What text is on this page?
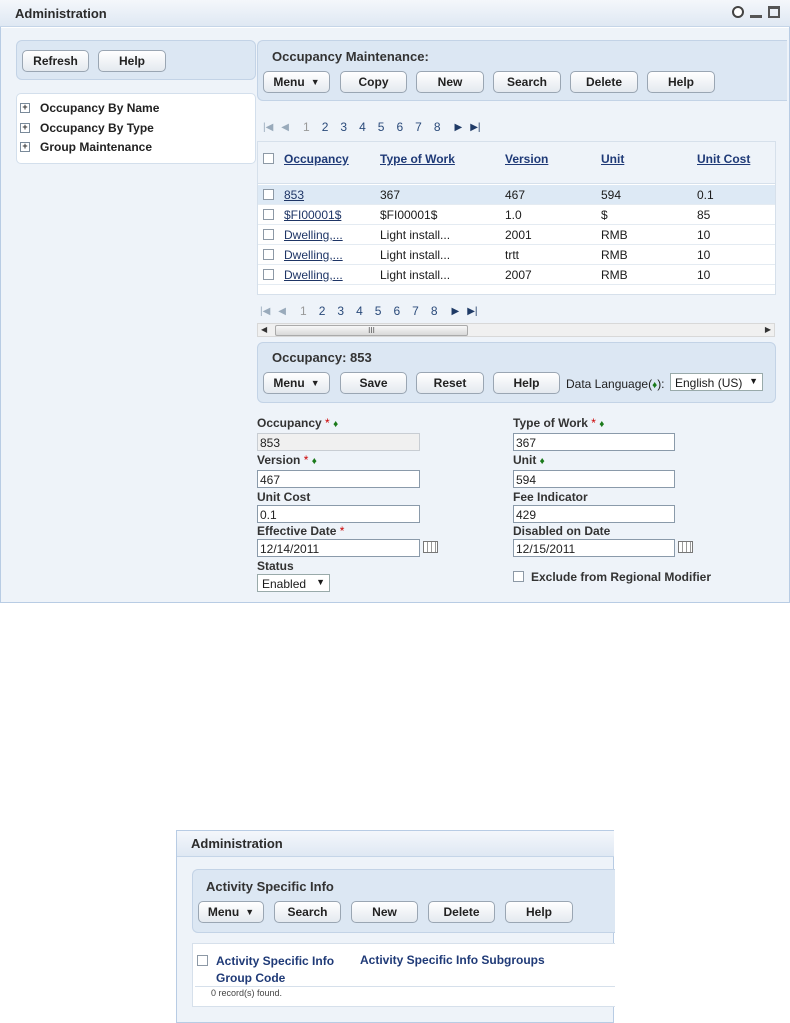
Administration
Refresh	Help
+ Occupancy By Name
+ Occupancy By Type
+ Group Maintenance
Occupancy Maintenance:
Menu ▼	Copy	New	Search	Delete	Help
|◀ ◀ 1 2 3 4 5 6 7 8 ▶ ▶|
Occupancy	Type of Work	Version	Unit	Unit Cost
853	367	467	594	0.1
$FI00001$	$FI00001$	1.0	$	85
Dwelling,...	Light install...	2001	RMB	10
Dwelling,...	Light install...	trtt	RMB	10
Dwelling,...	Light install...	2007	RMB	10
|◀ ◀ 1 2 3 4 5 6 7 8 ▶ ▶|
◀	III	▶
Occupancy: 853
Menu ▼	Save	Reset	Help	Data Language(♦): English (US) ▼
Occupancy * ♦
853
Version * ♦
467
Unit Cost
0.1
Effective Date *
12/14/2011
Status
Enabled ▼
Type of Work * ♦
367
Unit ♦
594
Fee Indicator
429
Disabled on Date
12/15/2011
Exclude from Regional Modifier
Administration
Activity Specific Info
Menu ▼	Search	New	Delete	Help
Activity Specific Info
Group Code
Activity Specific Info Subgroups
0 record(s) found.
